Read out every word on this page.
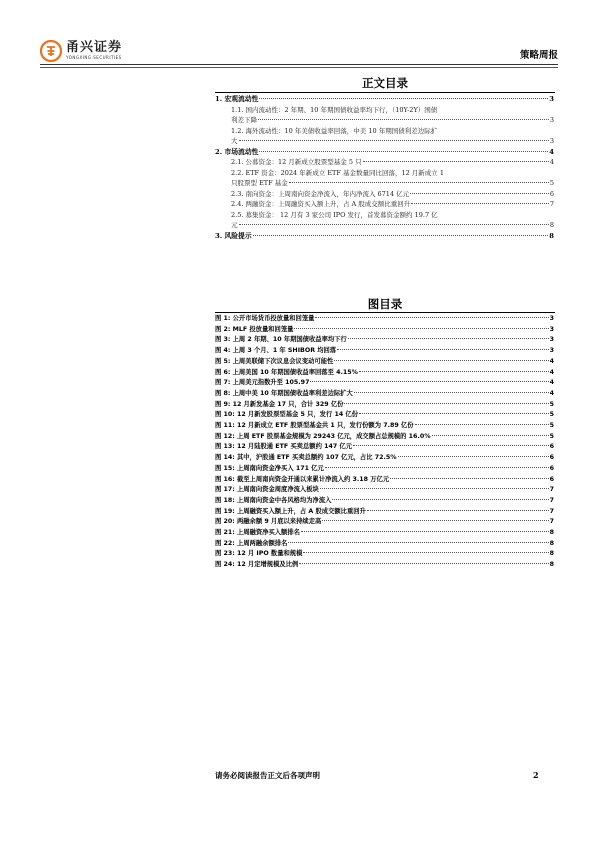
甬兴证券
YONGXING SECURITIES	策略周报
正文目录
1. 宏观流动性	3
1.1. 国内流动性：2 年期、10 年期国债收益率均下行，（10Y-2Y）国债
利差下降	3
1.2. 海外流动性：10 年美债收益率回落，中美 10 年期国债利差边际扩
大	3
2. 市场流动性	4
2.1. 公募资金：12 月新成立股票型基金 5 只	4
2.2. ETF 资金：2024 年新成立 ETF 基金数量同比回落，12 月新成立 1
只股票型 ETF 基金	5
2.3. 南向资金：上周南向资金净流入，年内净流入 6714 亿元	6
2.4. 两融资金：上周融资买入额上升，占 A 股成交额比重回升	7
2.5. 募集资金： 12 月有 3 家公司 IPO 发行，首发募资金额约 19.7 亿
元	8
3. 风险提示	8
图目录
图 1: 公开市场货币投放量和回笼量	3
图 2: MLF 投放量和回笼量	3
图 3: 上周 2 年期、10 年期国债收益率均下行	3
图 4: 上周 3 个月、1 年 SHIBOR 均回落	3
图 5: 上周美联储下次议息会议变动可能性	4
图 6: 上周美国 10 年期国债收益率回落至 4.15%	4
图 7: 上周美元指数升至 105.97	4
图 8: 上周中美 10 年期国债收益率利差边际扩大	4
图 9: 12 月新发基金 17 只，合计 329 亿份	5
图 10: 12 月新发股票型基金 5 只，发行 14 亿份	5
图 11: 12 月新成立 ETF 股票型基金共 1 只，发行份额为 7.89 亿份	5
图 12: 上周 ETF 股票基金规模为 29243 亿元，成交额占总规模的 16.0%	5
图 13: 12 月陆股通 ETF 买卖总额约 147 亿元	6
图 14: 其中，沪股通 ETF 买卖总额约 107 亿元，占比 72.5%	6
图 15: 上周南向资金净买入 171 亿元	6
图 16: 截至上周南向资金开通以来累计净流入约 3.18 万亿元	6
图 17: 上周南向资金周度净流入板块	7
图 18: 上周南向资金中各风格均为净流入	7
图 19: 上周融资买入额上升，占 A 股成交额比重回升	7
图 20: 两融余额 9 月底以来持续走高	7
图 21: 上周融资净买入额排名	8
图 22: 上周两融余额排名	8
图 23: 12 月 IPO 数量和规模	8
图 24: 12 月定增规模及比例	8
请务必阅读报告正文后各项声明	2
